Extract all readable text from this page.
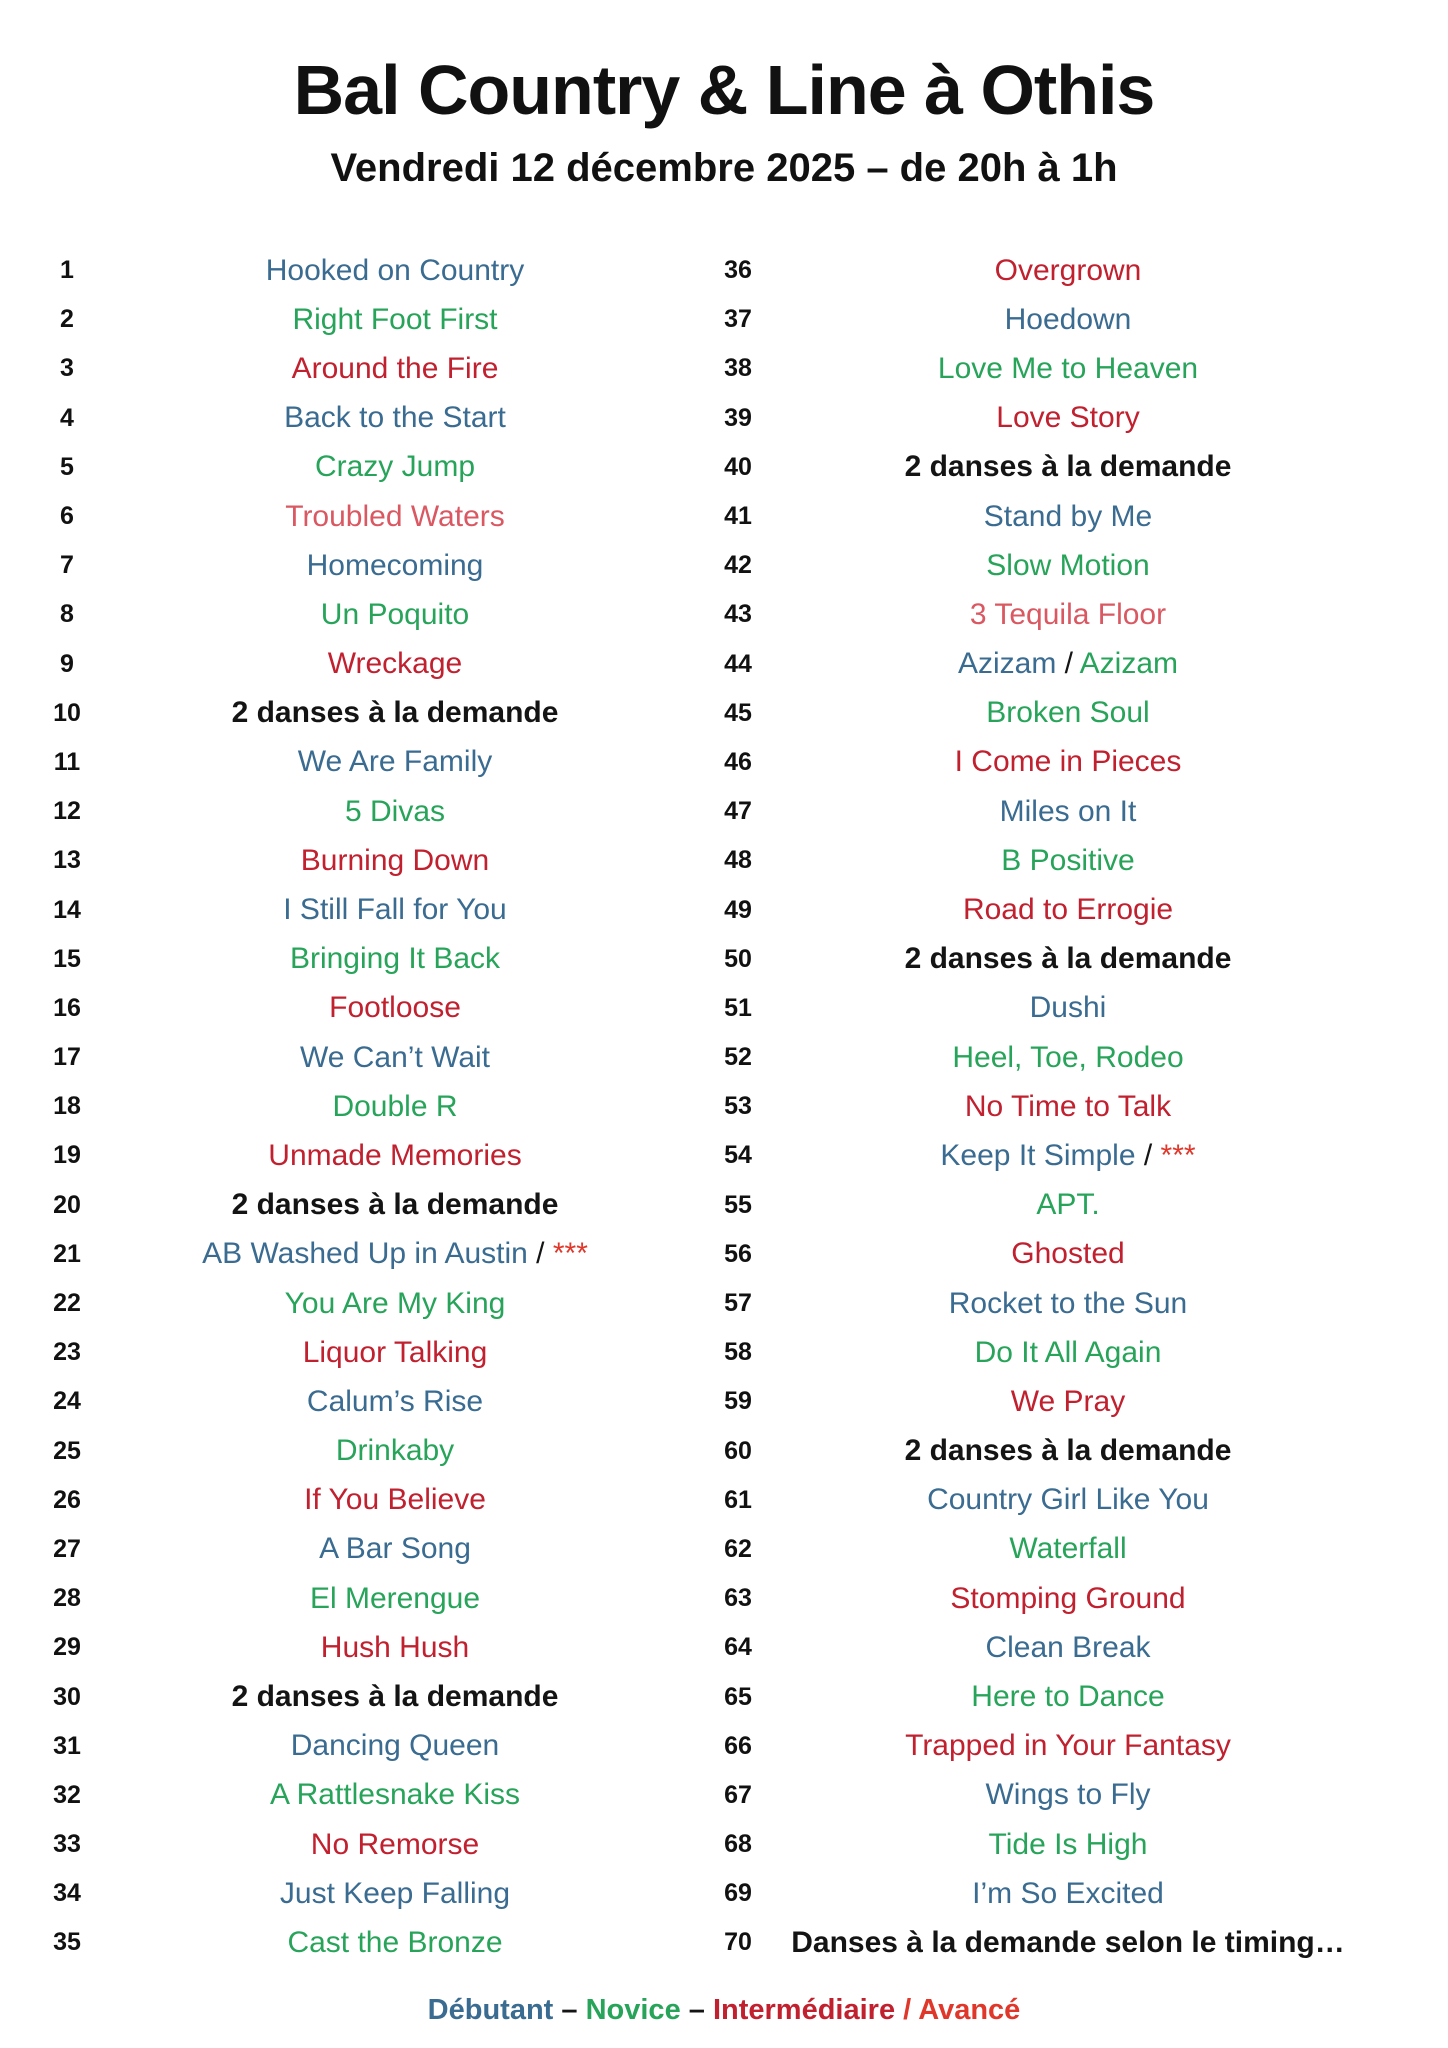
Bal Country & Line à Othis
Vendredi 12 décembre 2025 – de 20h à 1h
1	Hooked on Country
2	Right Foot First
3	Around the Fire
4	Back to the Start
5	Crazy Jump
6	Troubled Waters
7	Homecoming
8	Un Poquito
9	Wreckage
10	2 danses à la demande
11	We Are Family
12	5 Divas
13	Burning Down
14	I Still Fall for You
15	Bringing It Back
16	Footloose
17	We Can’t Wait
18	Double R
19	Unmade Memories
20	2 danses à la demande
21	AB Washed Up in Austin / ***
22	You Are My King
23	Liquor Talking
24	Calum’s Rise
25	Drinkaby
26	If You Believe
27	A Bar Song
28	El Merengue
29	Hush Hush
30	2 danses à la demande
31	Dancing Queen
32	A Rattlesnake Kiss
33	No Remorse
34	Just Keep Falling
35	Cast the Bronze
36	Overgrown
37	Hoedown
38	Love Me to Heaven
39	Love Story
40	2 danses à la demande
41	Stand by Me
42	Slow Motion
43	3 Tequila Floor
44	Azizam / Azizam
45	Broken Soul
46	I Come in Pieces
47	Miles on It
48	B Positive
49	Road to Errogie
50	2 danses à la demande
51	Dushi
52	Heel, Toe, Rodeo
53	No Time to Talk
54	Keep It Simple / ***
55	APT.
56	Ghosted
57	Rocket to the Sun
58	Do It All Again
59	We Pray
60	2 danses à la demande
61	Country Girl Like You
62	Waterfall
63	Stomping Ground
64	Clean Break
65	Here to Dance
66	Trapped in Your Fantasy
67	Wings to Fly
68	Tide Is High
69	I’m So Excited
70	Danses à la demande selon le timing…
Débutant – Novice – Intermédiaire / Avancé
